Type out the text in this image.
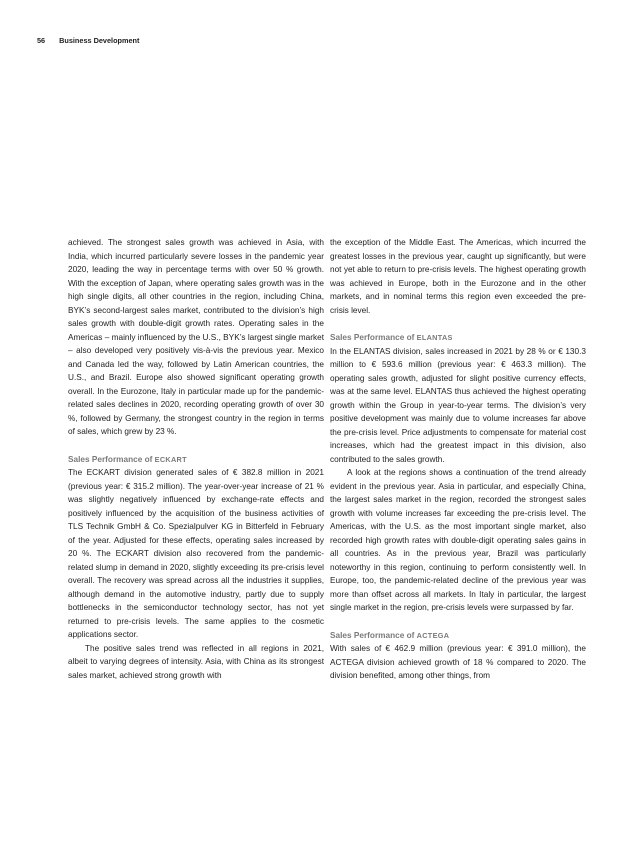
56 Business Development

achieved. The strongest sales growth was achieved in Asia, with India, which incurred particularly severe losses in the pandemic year 2020, leading the way in percentage terms with over 50 % growth. With the exception of Japan, where operating sales growth was in the high single digits, all other countries in the region, including China, BYK’s second-largest sales market, contributed to the division’s high sales growth with double-digit growth rates. Operating sales in the Americas – mainly influenced by the U.S., BYK’s largest single market – also developed very positively vis-à-vis the previous year. Mexico and Canada led the way, followed by Latin American countries, the U.S., and Brazil. Europe also showed significant operating growth overall. In the Eurozone, Italy in particular made up for the pandemic-related sales declines in 2020, recording operating growth of over 30 %, followed by Germany, the strongest country in the region in terms of sales, which grew by 23 %.

Sales Performance of ECKART

The ECKART division generated sales of € 382.8 million in 2021 (previous year: € 315.2 million). The year-over-year increase of 21 % was slightly negatively influenced by exchange-rate effects and positively influenced by the acquisition of the business activities of TLS Technik GmbH & Co. Spezialpulver KG in Bitterfeld in February of the year. Adjusted for these effects, operating sales increased by 20 %. The ECKART division also recovered from the pandemic-related slump in demand in 2020, slightly exceeding its pre-crisis level overall. The recovery was spread across all the industries it supplies, although demand in the automotive industry, partly due to supply bottlenecks in the semiconductor technology sector, has not yet returned to pre-crisis levels. The same applies to the cosmetic applications sector.

The positive sales trend was reflected in all regions in 2021, albeit to varying degrees of intensity. Asia, with China as its strongest sales market, achieved strong growth with

the exception of the Middle East. The Americas, which incurred the greatest losses in the previous year, caught up significantly, but were not yet able to return to pre-crisis levels. The highest operating growth was achieved in Europe, both in the Eurozone and in the other markets, and in nominal terms this region even exceeded the pre-crisis level.

Sales Performance of ELANTAS

In the ELANTAS division, sales increased in 2021 by 28 % or € 130.3 million to € 593.6 million (previous year: € 463.3 million). The operating sales growth, adjusted for slight positive currency effects, was at the same level. ELANTAS thus achieved the highest operating growth within the Group in year-to-year terms. The division’s very positive development was mainly due to volume increases far above the pre-crisis level. Price adjustments to compensate for material cost increases, which had the greatest impact in this division, also contributed to the sales growth.

A look at the regions shows a continuation of the trend already evident in the previous year. Asia in particular, and especially China, the largest sales market in the region, recorded the strongest sales growth with volume increases far exceeding the pre-crisis level. The Americas, with the U.S. as the most important single market, also recorded high growth rates with double-digit operating sales gains in all countries. As in the previous year, Brazil was particularly noteworthy in this region, continuing to perform consistently well. In Europe, too, the pandemic-related decline of the previous year was more than offset across all markets. In Italy in particular, the largest single market in the region, pre-crisis levels were surpassed by far.

Sales Performance of ACTEGA

With sales of € 462.9 million (previous year: € 391.0 million), the ACTEGA division achieved growth of 18 % compared to 2020. The division benefited, among other things, from
